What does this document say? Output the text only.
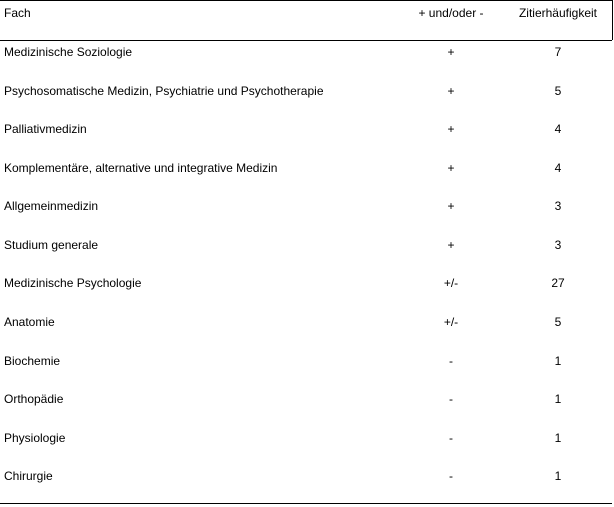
Fach	+ und/oder -	Zitierhäufigkeit
Medizinische Soziologie	+	7
Psychosomatische Medizin, Psychiatrie und Psychotherapie	+	5
Palliativmedizin	+	4
Komplementäre, alternative und integrative Medizin	+	4
Allgemeinmedizin	+	3
Studium generale	+	3
Medizinische Psychologie	+/-	27
Anatomie	+/-	5
Biochemie	-	1
Orthopädie	-	1
Physiologie	-	1
Chirurgie	-	1
